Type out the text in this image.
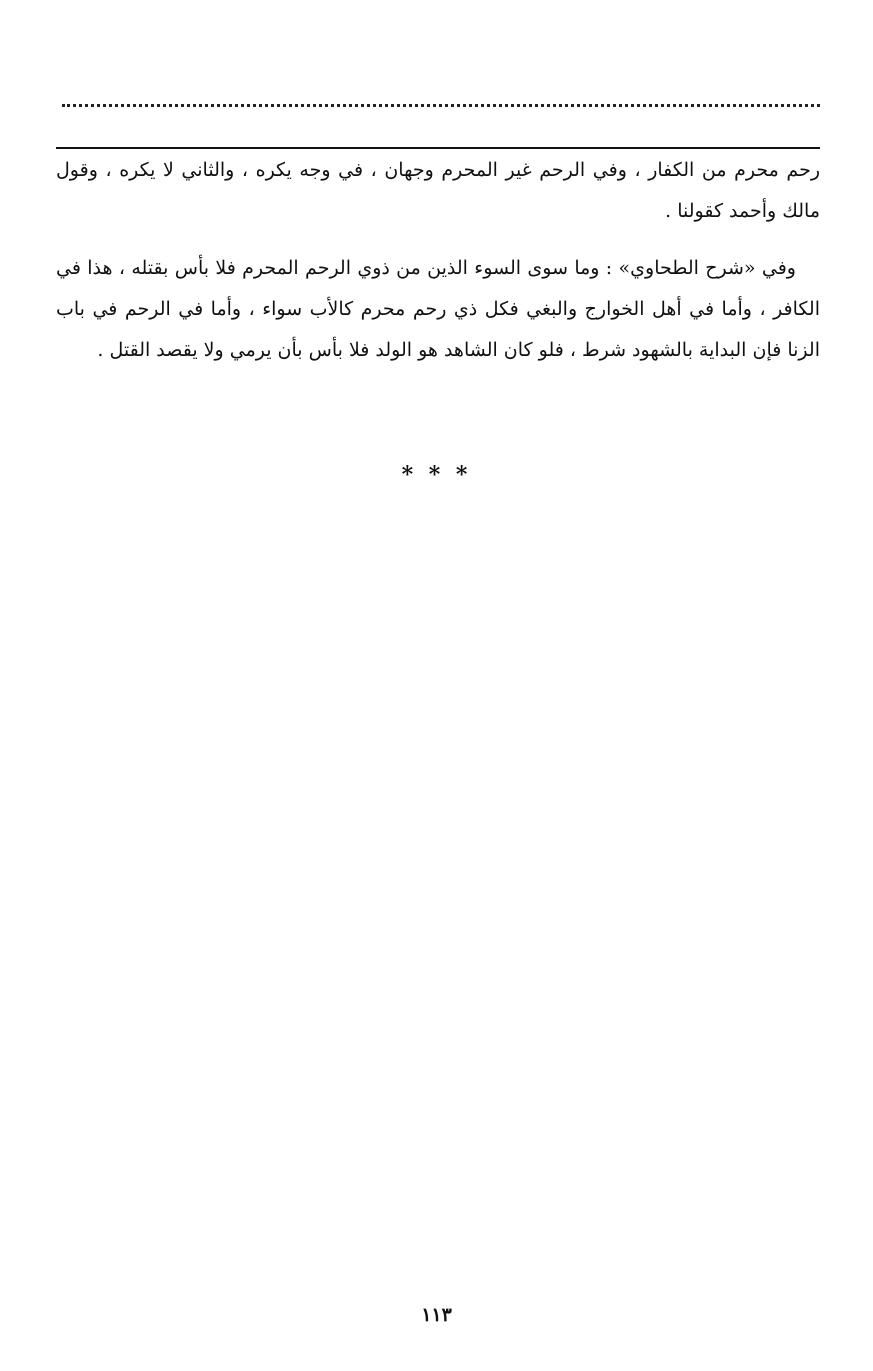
رحم محرم من الكفار ، وفي الرحم غير المحرم وجهان ، في وجه يكره ، والثاني لا يكره ، وقول مالك وأحمد كقولنا .

وفي «شرح الطحاوي» : وما سوى السوء الذين من ذوي الرحم المحرم فلا بأس بقتله ، هذا في الكافر ، وأما في أهل الخوارج والبغي فكل ذي رحم محرم كالأب سواء ، وأما في الرحم في باب الزنا فإن البداية بالشهود شرط ، فلو كان الشاهد هو الولد فلا بأس بأن يرمي ولا يقصد القتل .

* * *
١١٣
